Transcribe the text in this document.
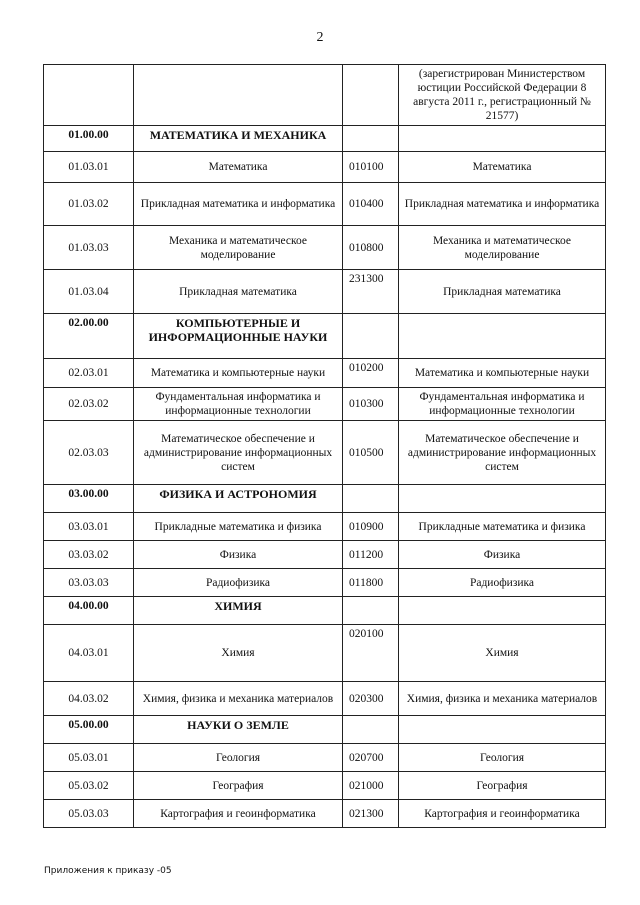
2
			(зарегистрирован Министерством юстиции Российской Федерации 8 августа 2011 г., регистрационный № 21577)
01.00.00	МАТЕМАТИКА И МЕХАНИКА		
01.03.01	Математика	010100	Математика
01.03.02	Прикладная математика и информатика	010400	Прикладная математика и информатика
01.03.03	Механика и математическое моделирование	010800	Механика и математическое моделирование
01.03.04	Прикладная математика	231300	Прикладная математика
02.00.00	КОМПЬЮТЕРНЫЕ И ИНФОРМАЦИОННЫЕ НАУКИ		
02.03.01	Математика и компьютерные науки	010200	Математика и компьютерные науки
02.03.02	Фундаментальная информатика и информационные технологии	010300	Фундаментальная информатика и информационные технологии
02.03.03	Математическое обеспечение и администрирование информационных систем	010500	Математическое обеспечение и администрирование информационных систем
03.00.00	ФИЗИКА И АСТРОНОМИЯ		
03.03.01	Прикладные математика и физика	010900	Прикладные математика и физика
03.03.02	Физика	011200	Физика
03.03.03	Радиофизика	011800	Радиофизика
04.00.00	ХИМИЯ		
04.03.01	Химия	020100	Химия
04.03.02	Химия, физика и механика материалов	020300	Химия, физика и механика материалов
05.00.00	НАУКИ О ЗЕМЛЕ		
05.03.01	Геология	020700	Геология
05.03.02	География	021000	География
05.03.03	Картография и геоинформатика	021300	Картография и геоинформатика
Приложения к приказу -05
